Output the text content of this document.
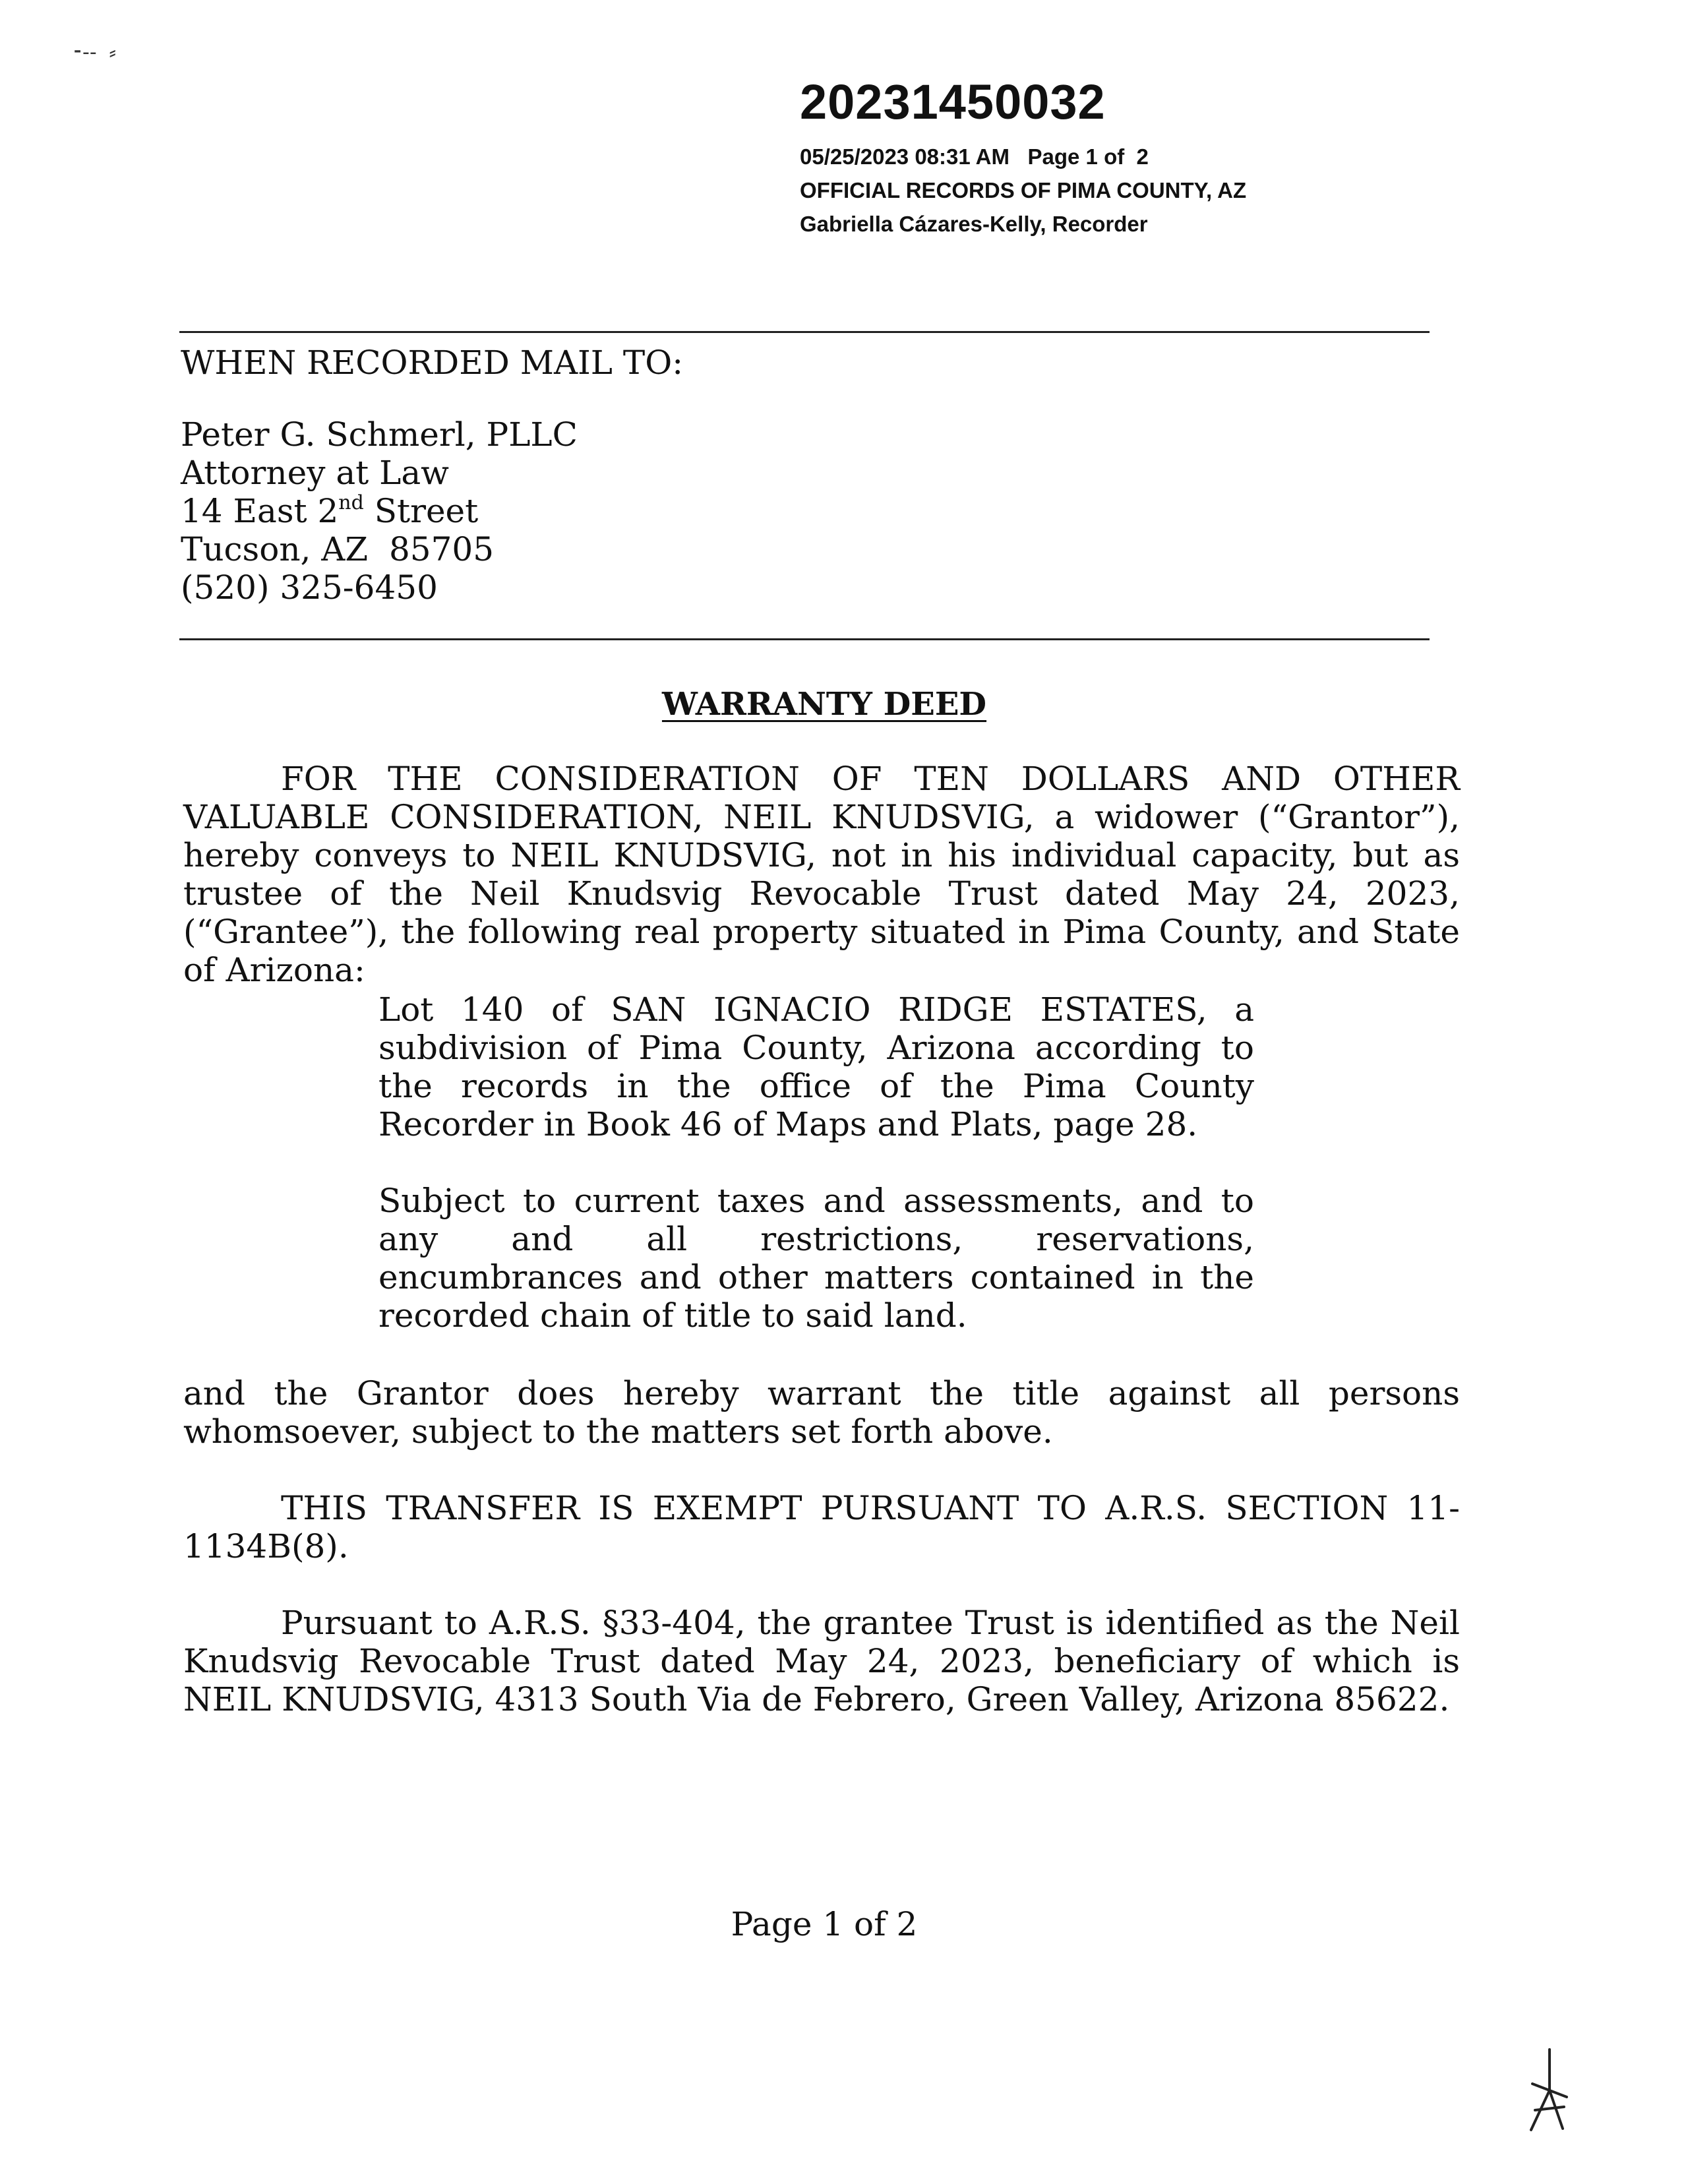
⁃‐‐  ⸗
20231450032
05/25/2023 08:31 AM   Page 1 of  2
OFFICIAL RECORDS OF PIMA COUNTY, AZ
Gabriella Cázares-Kelly, Recorder
WHEN RECORDED MAIL TO:
Peter G. Schmerl, PLLC
Attorney at Law
14 East 2nd Street
Tucson, AZ  85705
(520) 325-6450
WARRANTY DEED
FOR THE CONSIDERATION OF TEN DOLLARS AND OTHER VALUABLE CONSIDERATION, NEIL KNUDSVIG, a widower (“Grantor”), hereby conveys to NEIL KNUDSVIG, not in his individual capacity, but as trustee of the Neil Knudsvig Revocable Trust dated May 24, 2023, (“Grantee”), the following real property situated in Pima County, and State of Arizona:
Lot 140 of SAN IGNACIO RIDGE ESTATES, a subdivision of Pima County, Arizona according to the records in the office of the Pima County Recorder in Book 46 of Maps and Plats, page 28.
Subject to current taxes and assessments, and to any and all restrictions, reservations, encumbrances and other matters contained in the recorded chain of title to said land.
and the Grantor does hereby warrant the title against all persons whomsoever, subject to the matters set forth above.
THIS TRANSFER IS EXEMPT PURSUANT TO A.R.S. SECTION 11-1134B(8).
Pursuant to A.R.S. §33-404, the grantee Trust is identified as the Neil Knudsvig Revocable Trust dated May 24, 2023, beneficiary of which is NEIL KNUDSVIG, 4313 South Via de Febrero, Green Valley, Arizona 85622.
Page 1 of 2
